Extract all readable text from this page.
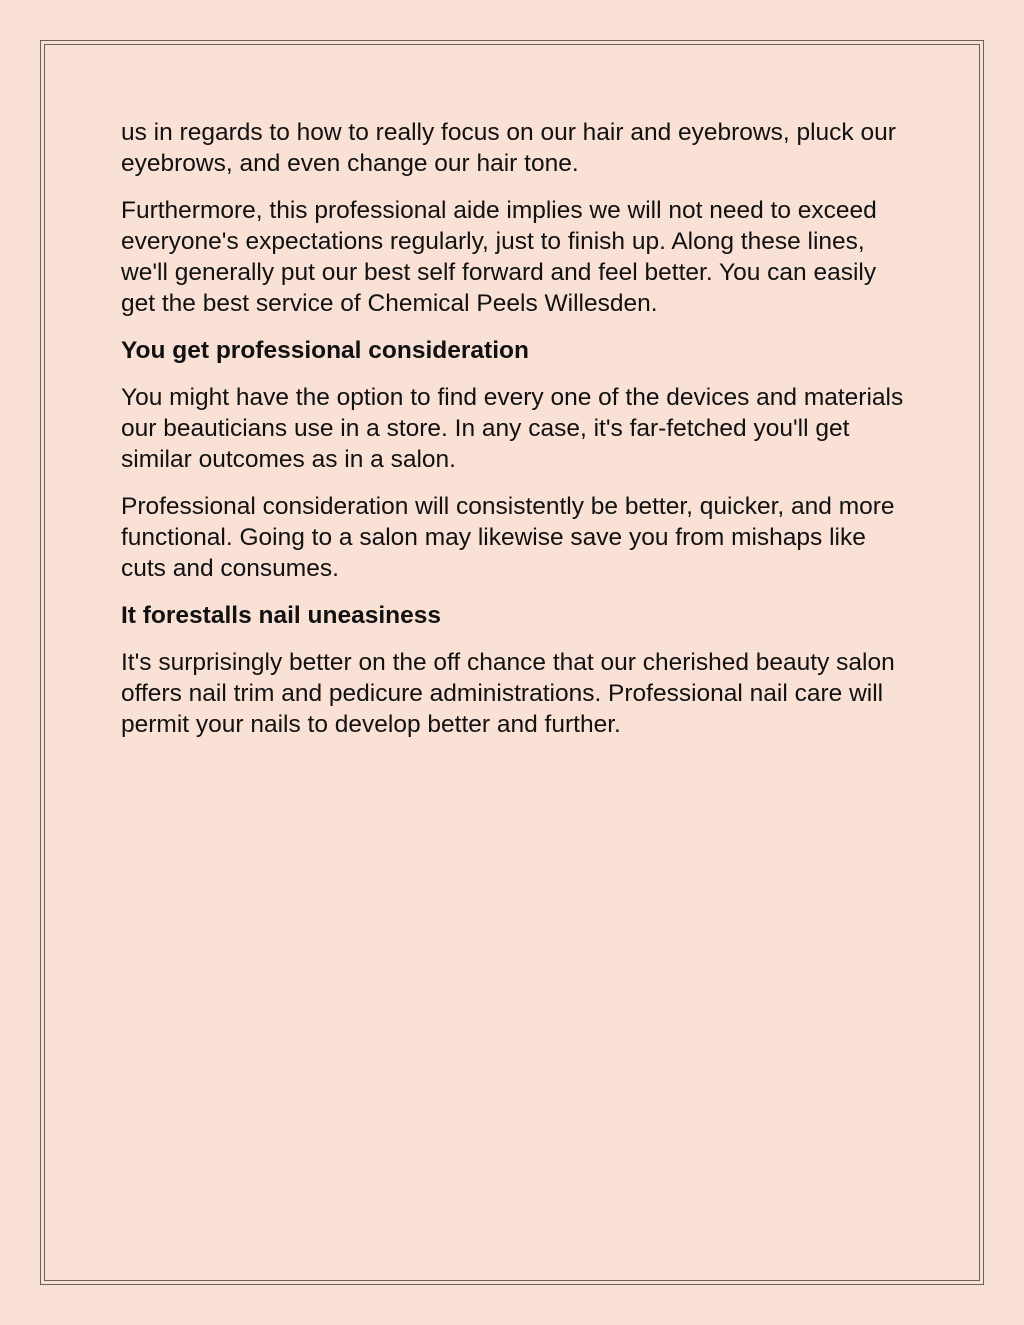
us in regards to how to really focus on our hair and eyebrows, pluck our eyebrows, and even change our hair tone.

Furthermore, this professional aide implies we will not need to exceed everyone's expectations regularly, just to finish up. Along these lines, we'll generally put our best self forward and feel better. You can easily get the best service of Chemical Peels Willesden.

You get professional consideration

You might have the option to find every one of the devices and materials our beauticians use in a store. In any case, it's far-fetched you'll get similar outcomes as in a salon.

Professional consideration will consistently be better, quicker, and more functional. Going to a salon may likewise save you from mishaps like cuts and consumes.

It forestalls nail uneasiness

It's surprisingly better on the off chance that our cherished beauty salon offers nail trim and pedicure administrations. Professional nail care will permit your nails to develop better and further.
